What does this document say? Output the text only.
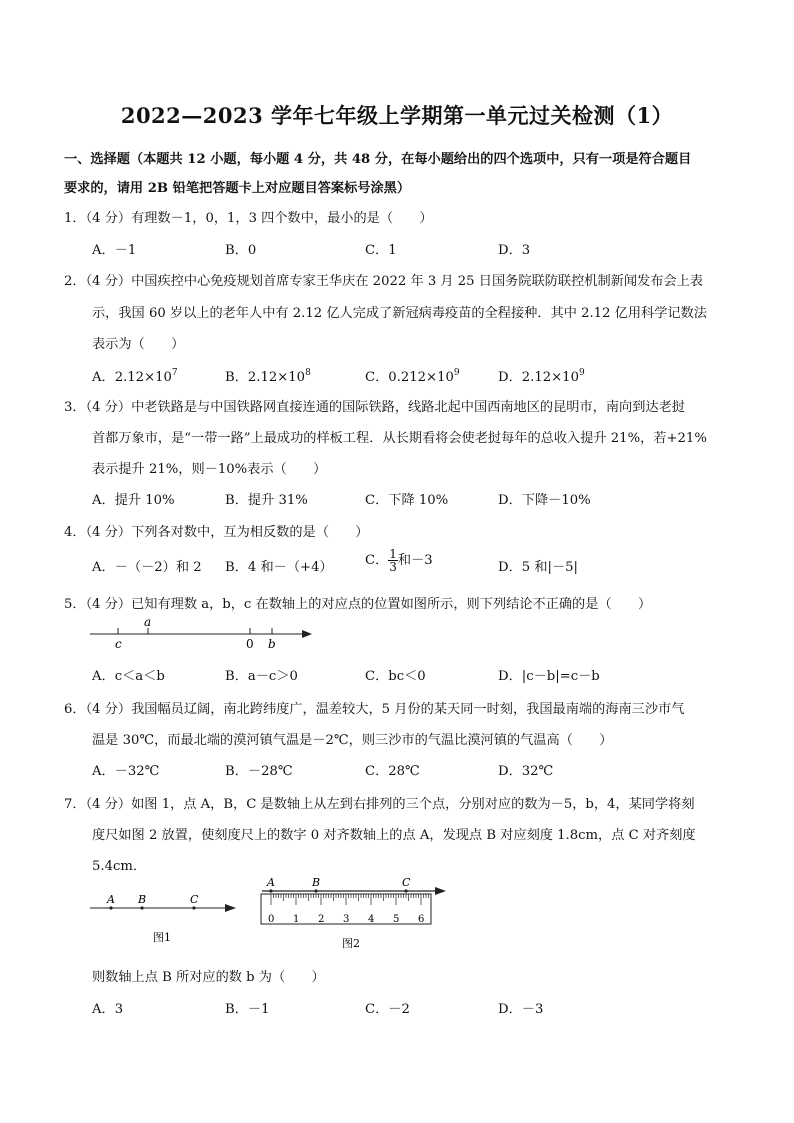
2022—2023 学年七年级上学期第一单元过关检测（1）
一、选择题（本题共 12 小题，每小题 4 分，共 48 分，在每小题给出的四个选项中，只有一项是符合题目
要求的，请用 2B 铅笔把答题卡上对应题目答案标号涂黑）
1．（4 分）有理数－1，0，1，3 四个数中，最小的是（　　）
A．－1	B．0	C．1	D．3
2．（4 分）中国疾控中心免疫规划首席专家王华庆在 2022 年 3 月 25 日国务院联防联控机制新闻发布会上表
示，我国 60 岁以上的老年人中有 2.12 亿人完成了新冠病毒疫苗的全程接种．其中 2.12 亿用科学记数法
表示为（　　）
A．$2.12\times 10^7$	B．$2.12\times 10^8$	C．$0.212\times 10^9$	D．$2.12\times 10^9$
3．（4 分）中老铁路是与中国铁路网直接连通的国际铁路，线路北起中国西南地区的昆明市，南向到达老挝
首都万象市，是“一带一路”上最成功的样板工程．从长期看将会使老挝每年的总收入提升 21%，若+21%
表示提升 21%，则－10%表示（　　）
A．提升 10%	B．提升 31%	C．下降 10%	D．下降－10%
4．（4 分）下列各对数中，互为相反数的是（　　）
A．－（－2）和 2 B．4 和－（+4） C． $\frac{1}{3}$ 和－3	D．5 和|－5|
5．（4 分）已知有理数 a，b，c 在数轴上的对应点的位置如图所示，则下列结论不正确的是（　　）
c
a
0 b
A．c＜a＜b	B．a－c＞0	C．bc＜0	D．|c－b|=c－b
6．（4 分）我国幅员辽阔，南北跨纬度广，温差较大，5 月份的某天同一时刻，我国最南端的海南三沙市气
温是 30℃，而最北端的漠河镇气温是－2℃，则三沙市的气温比漠河镇的气温高（　　）
A．－32℃	B．－28℃	C．28℃	D．32℃
7．（4 分）如图 1，点 A，B，C 是数轴上从左到右排列的三个点，分别对应的数为－5，b，4，某同学将刻
度尺如图 2 放置，使刻度尺上的数字 0 对齐数轴上的点 A，发现点 B 对应刻度 1.8cm，点 C 对齐刻度
5.4cm．
A B	C
图1
A	B	C
0 1 2 3 4 5 6
图2
则数轴上点 B 所对应的数 b 为（　　）
A．3	B．－1	C．－2	D．－3
